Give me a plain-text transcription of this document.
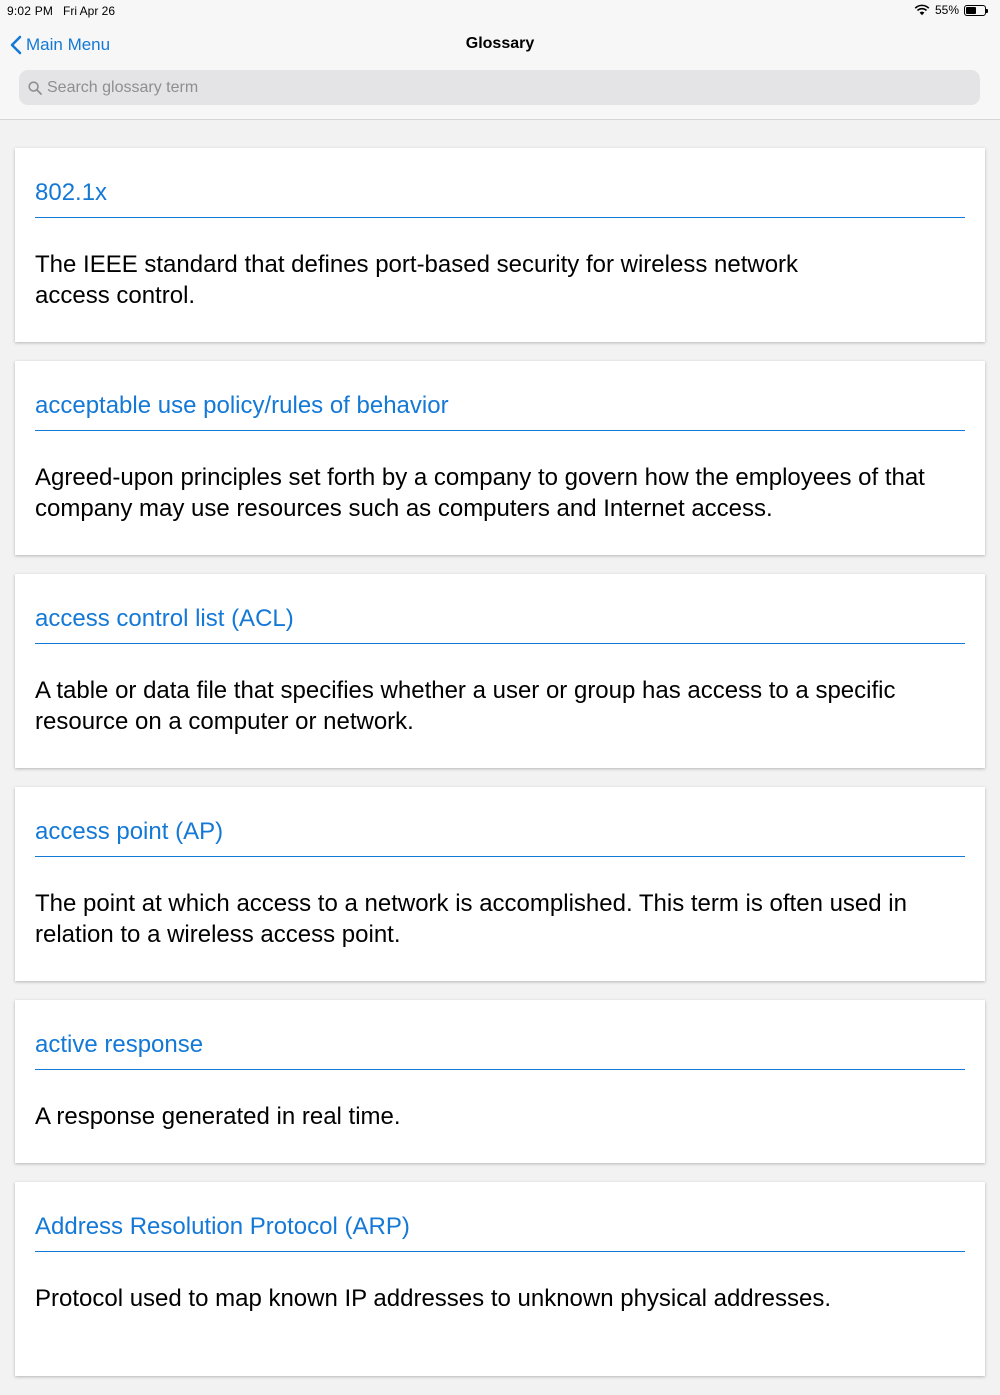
9:02 PM Fri Apr 26	55%
Main Menu	Glossary
Search glossary term
802.1x
The IEEE standard that defines port-based security for wireless network access control.
acceptable use policy/rules of behavior
Agreed-upon principles set forth by a company to govern how the employees of that company may use resources such as computers and Internet access.
access control list (ACL)
A table or data file that specifies whether a user or group has access to a specific resource on a computer or network.
access point (AP)
The point at which access to a network is accomplished. This term is often used in relation to a wireless access point.
active response
A response generated in real time.
Address Resolution Protocol (ARP)
Protocol used to map known IP addresses to unknown physical addresses.
